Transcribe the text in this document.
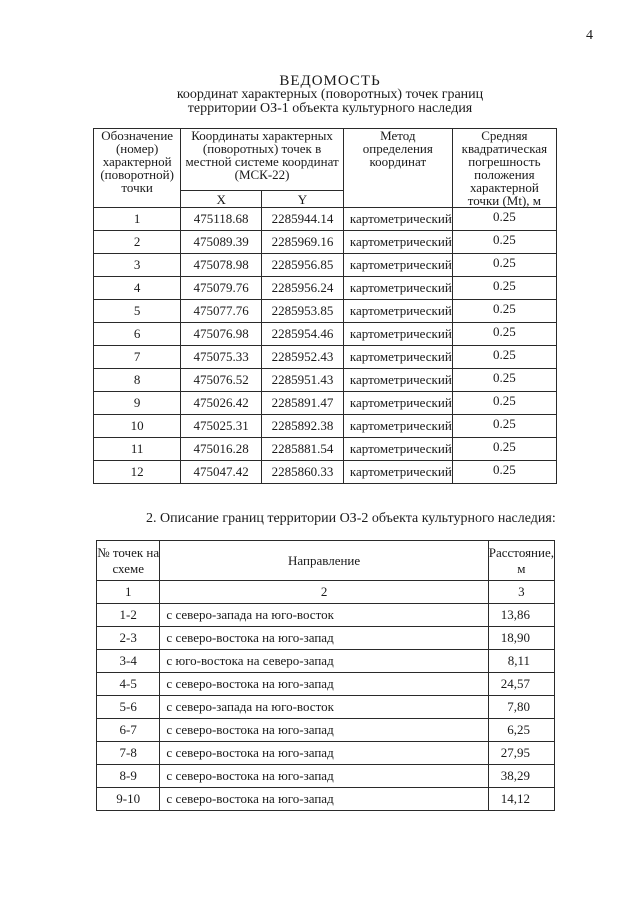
4
ВЕДОМОСТЬ
координат характерных (поворотных) точек границ
территории ОЗ-1 объекта культурного наследия
Обозначение (номер) характерной (поворотной) точки	Координаты характерных (поворотных) точек в местной системе координат (МСК-22)		Метод определения координат	Средняя квадратическая погрешность положения характерной точки (Mt), м
	X	Y		
1	475118.68	2285944.14	картометрический	0.25
2	475089.39	2285969.16	картометрический	0.25
3	475078.98	2285956.85	картометрический	0.25
4	475079.76	2285956.24	картометрический	0.25
5	475077.76	2285953.85	картометрический	0.25
6	475076.98	2285954.46	картометрический	0.25
7	475075.33	2285952.43	картометрический	0.25
8	475076.52	2285951.43	картометрический	0.25
9	475026.42	2285891.47	картометрический	0.25
10	475025.31	2285892.38	картометрический	0.25
11	475016.28	2285881.54	картометрический	0.25
12	475047.42	2285860.33	картометрический	0.25
2. Описание границ территории ОЗ-2 объекта культурного наследия:
№ точек на схеме	Направление	Расстояние, м
1	2	3
1-2	с северо-запада на юго-восток	13,86
2-3	с северо-востока на юго-запад	18,90
3-4	с юго-востока на северо-запад	8,11
4-5	с северо-востока на юго-запад	24,57
5-6	с северо-запада на юго-восток	7,80
6-7	с северо-востока на юго-запад	6,25
7-8	с северо-востока на юго-запад	27,95
8-9	с северо-востока на юго-запад	38,29
9-10	с северо-востока на юго-запад	14,12
